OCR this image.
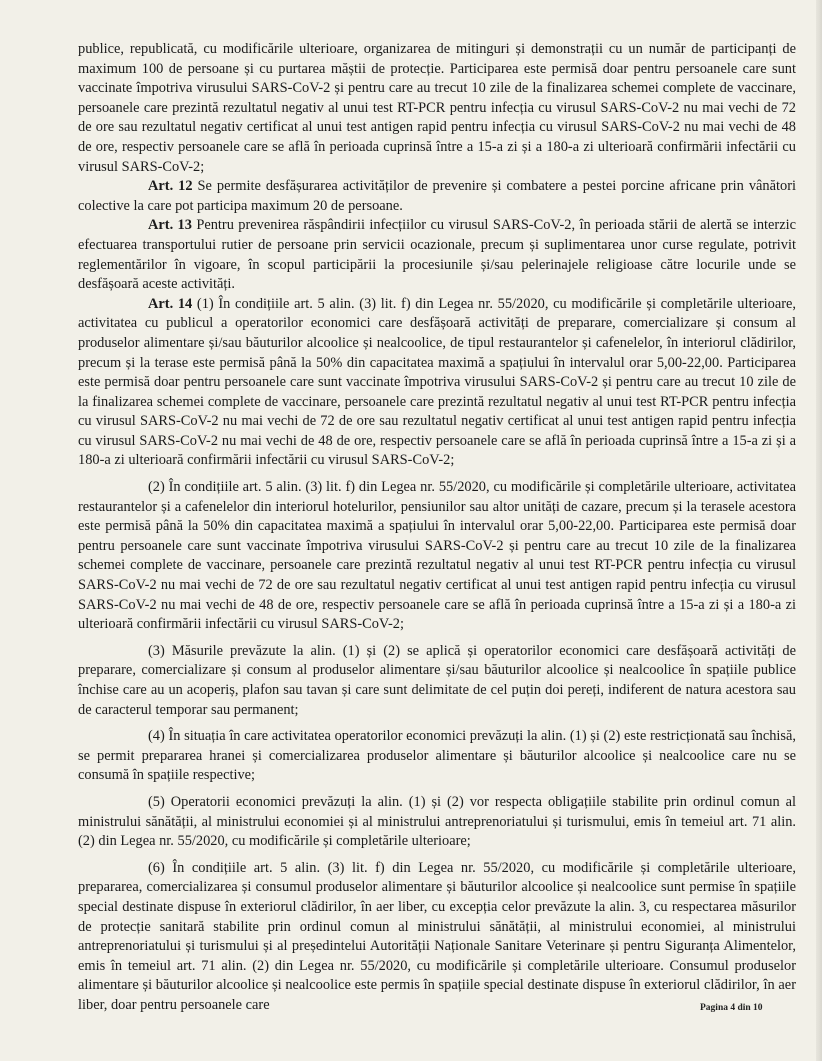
publice, republicată, cu modificările ulterioare, organizarea de mitinguri și demonstrații cu un număr de participanți de maximum 100 de persoane și cu purtarea măștii de protecție. Participarea este permisă doar pentru persoanele care sunt vaccinate împotriva virusului SARS-CoV-2 și pentru care au trecut 10 zile de la finalizarea schemei complete de vaccinare, persoanele care prezintă rezultatul negativ al unui test RT-PCR pentru infecția cu virusul SARS-CoV-2 nu mai vechi de 72 de ore sau rezultatul negativ certificat al unui test antigen rapid pentru infecția cu virusul SARS-CoV-2 nu mai vechi de 48 de ore, respectiv persoanele care se află în perioada cuprinsă între a 15-a zi și a 180-a zi ulterioară confirmării infectării cu virusul SARS-CoV-2;

Art. 12 Se permite desfășurarea activităților de prevenire și combatere a pestei porcine africane prin vânători colective la care pot participa maximum 20 de persoane.

Art. 13 Pentru prevenirea răspândirii infecțiilor cu virusul SARS-CoV-2, în perioada stării de alertă se interzic efectuarea transportului rutier de persoane prin servicii ocazionale, precum și suplimentarea unor curse regulate, potrivit reglementărilor în vigoare, în scopul participării la procesiunile și/sau pelerinajele religioase către locurile unde se desfășoară aceste activități.

Art. 14 (1) În condițiile art. 5 alin. (3) lit. f) din Legea nr. 55/2020, cu modificările și completările ulterioare, activitatea cu publicul a operatorilor economici care desfășoară activități de preparare, comercializare și consum al produselor alimentare și/sau băuturilor alcoolice și nealcoolice, de tipul restaurantelor și cafenelelor, în interiorul clădirilor, precum și la terase este permisă până la 50% din capacitatea maximă a spațiului în intervalul orar 5,00-22,00. Participarea este permisă doar pentru persoanele care sunt vaccinate împotriva virusului SARS-CoV-2 și pentru care au trecut 10 zile de la finalizarea schemei complete de vaccinare, persoanele care prezintă rezultatul negativ al unui test RT-PCR pentru infecția cu virusul SARS-CoV-2 nu mai vechi de 72 de ore sau rezultatul negativ certificat al unui test antigen rapid pentru infecția cu virusul SARS-CoV-2 nu mai vechi de 48 de ore, respectiv persoanele care se află în perioada cuprinsă între a 15-a zi și a 180-a zi ulterioară confirmării infectării cu virusul SARS-CoV-2;

(2) În condițiile art. 5 alin. (3) lit. f) din Legea nr. 55/2020, cu modificările și completările ulterioare, activitatea restaurantelor și a cafenelelor din interiorul hotelurilor, pensiunilor sau altor unități de cazare, precum și la terasele acestora este permisă până la 50% din capacitatea maximă a spațiului în intervalul orar 5,00-22,00. Participarea este permisă doar pentru persoanele care sunt vaccinate împotriva virusului SARS-CoV-2 și pentru care au trecut 10 zile de la finalizarea schemei complete de vaccinare, persoanele care prezintă rezultatul negativ al unui test RT-PCR pentru infecția cu virusul SARS-CoV-2 nu mai vechi de 72 de ore sau rezultatul negativ certificat al unui test antigen rapid pentru infecția cu virusul SARS-CoV-2 nu mai vechi de 48 de ore, respectiv persoanele care se află în perioada cuprinsă între a 15-a zi și a 180-a zi ulterioară confirmării infectării cu virusul SARS-CoV-2;

(3) Măsurile prevăzute la alin. (1) și (2) se aplică și operatorilor economici care desfășoară activități de preparare, comercializare și consum al produselor alimentare și/sau băuturilor alcoolice și nealcoolice în spațiile publice închise care au un acoperiș, plafon sau tavan și care sunt delimitate de cel puțin doi pereți, indiferent de natura acestora sau de caracterul temporar sau permanent;

(4) În situația în care activitatea operatorilor economici prevăzuți la alin. (1) și (2) este restricționată sau închisă, se permit prepararea hranei și comercializarea produselor alimentare și băuturilor alcoolice și nealcoolice care nu se consumă în spațiile respective;

(5) Operatorii economici prevăzuți la alin. (1) și (2) vor respecta obligațiile stabilite prin ordinul comun al ministrului sănătății, al ministrului economiei și al ministrului antreprenoriatului și turismului, emis în temeiul art. 71 alin. (2) din Legea nr. 55/2020, cu modificările și completările ulterioare;

(6) În condițiile art. 5 alin. (3) lit. f) din Legea nr. 55/2020, cu modificările și completările ulterioare, prepararea, comercializarea și consumul produselor alimentare și băuturilor alcoolice și nealcoolice sunt permise în spațiile special destinate dispuse în exteriorul clădirilor, în aer liber, cu excepția celor prevăzute la alin. 3, cu respectarea măsurilor de protecție sanitară stabilite prin ordinul comun al ministrului sănătății, al ministrului economiei, al ministrului antreprenoriatului și turismului și al președintelui Autorității Naționale Sanitare Veterinare și pentru Siguranța Alimentelor, emis în temeiul art. 71 alin. (2) din Legea nr. 55/2020, cu modificările și completările ulterioare. Consumul produselor alimentare și băuturilor alcoolice și nealcoolice este permis în spațiile special destinate dispuse în exteriorul clădirilor, în aer liber, doar pentru persoanele care	Pagina 4 din 10
